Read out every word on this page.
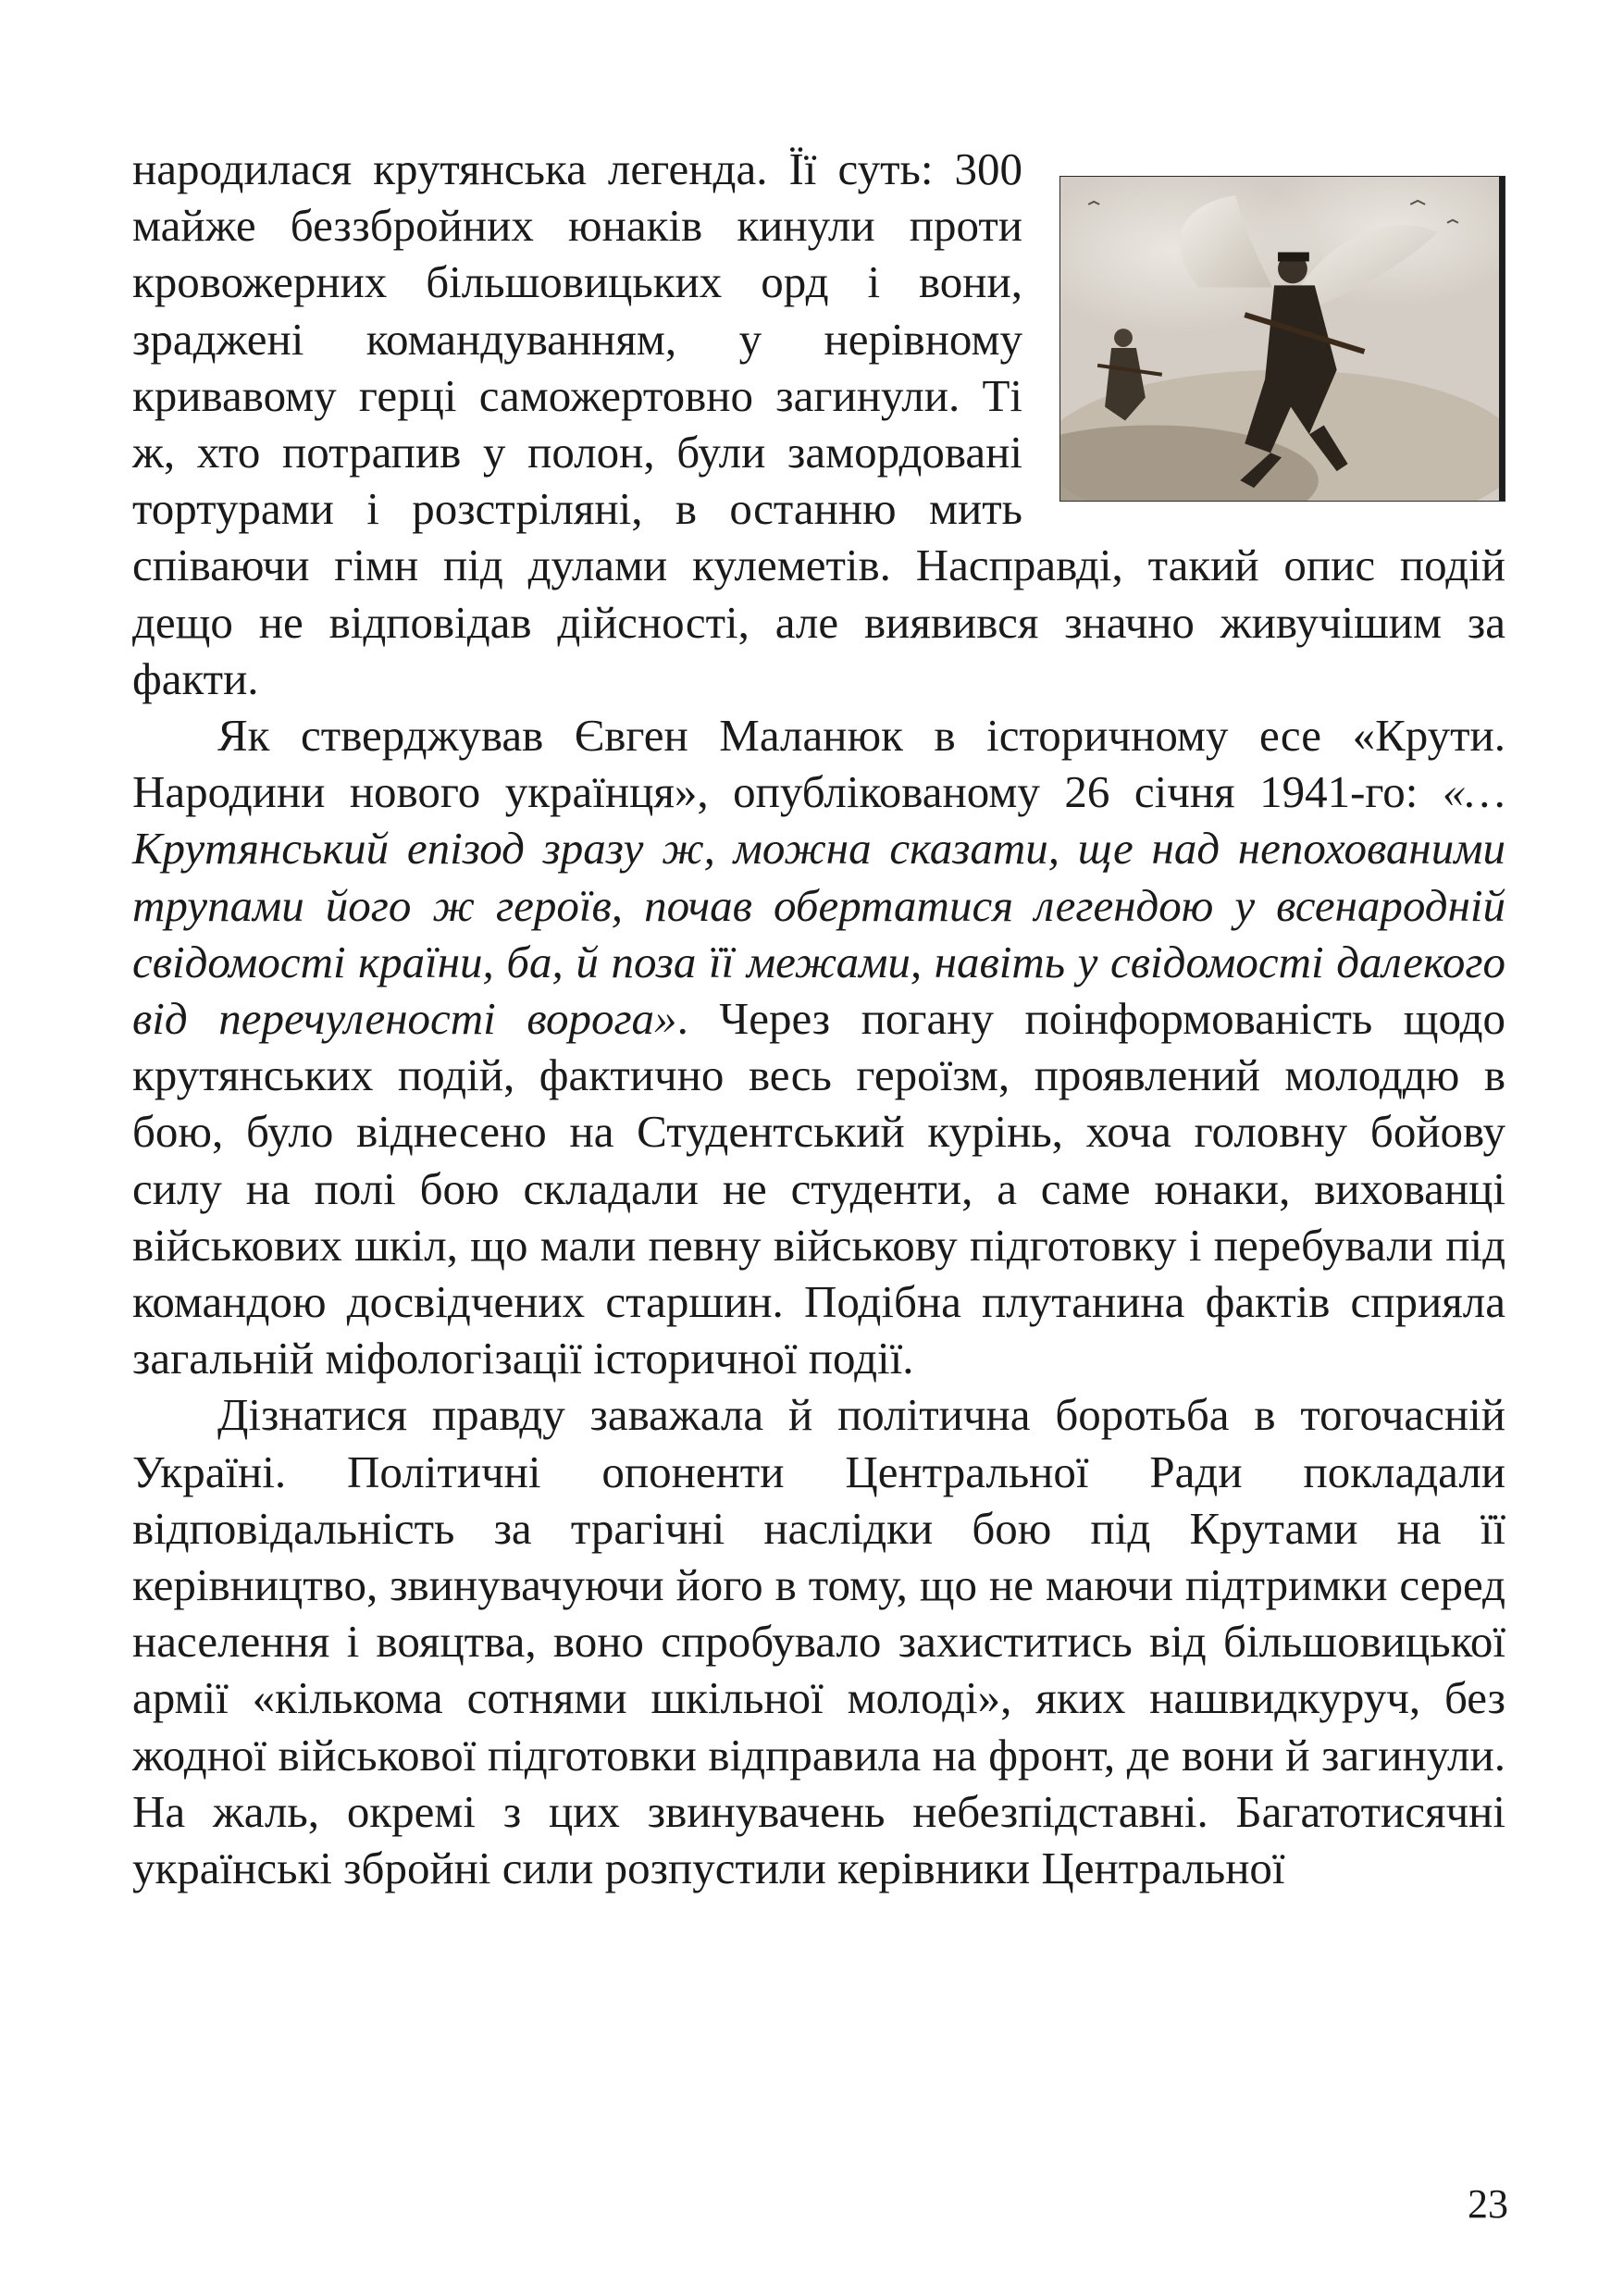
народилася крутянська легенда. Її суть: 300 майже беззбройних юнаків кинули проти кровожерних більшовицьких орд і вони, зраджені командуванням, у нерівному кривавому герці саможертовно загинули. Ті ж, хто потрапив у полон, були замордовані тортурами і розстріляні, в останню мить співаючи гімн під дулами кулеметів. Насправді, такий опис подій дещо не відповідав дійсності, але виявився значно живучішим за факти.

Як стверджував Євген Маланюк в історичному есе «Крути. Народини нового українця», опублікованому 26 січня 1941-го: «…Крутянський епізод зразу ж, можна сказати, ще над непохованими трупами його ж героїв, почав обертатися легендою у всенародній свідомості країни, ба, й поза її межами, навіть у свідомості далекого від перечуленості ворога». Через погану поінформованість щодо крутянських подій, фактично весь героїзм, проявлений молоддю в бою, було віднесено на Студентський курінь, хоча головну бойову силу на полі бою складали не студенти, а саме юнаки, вихованці військових шкіл, що мали певну військову підготовку і перебували під командою досвідчених старшин. Подібна плутанина фактів сприяла загальній міфологізації історичної події.

Дізнатися правду заважала й політична боротьба в тогочасній Україні. Політичні опоненти Центральної Ради покладали відповідальність за трагічні наслідки бою під Крутами на її керівництво, звинувачуючи його в тому, що не маючи підтримки серед населення і вояцтва, воно спробувало захиститись від більшовицької армії «кількома сотнями шкільної молоді», яких нашвидкуруч, без жодної військової підготовки відправила на фронт, де вони й загинули. На жаль, окремі з цих звинувачень небезпідставні. Багатотисячні українські збройні сили розпустили керівники Центральної

23
